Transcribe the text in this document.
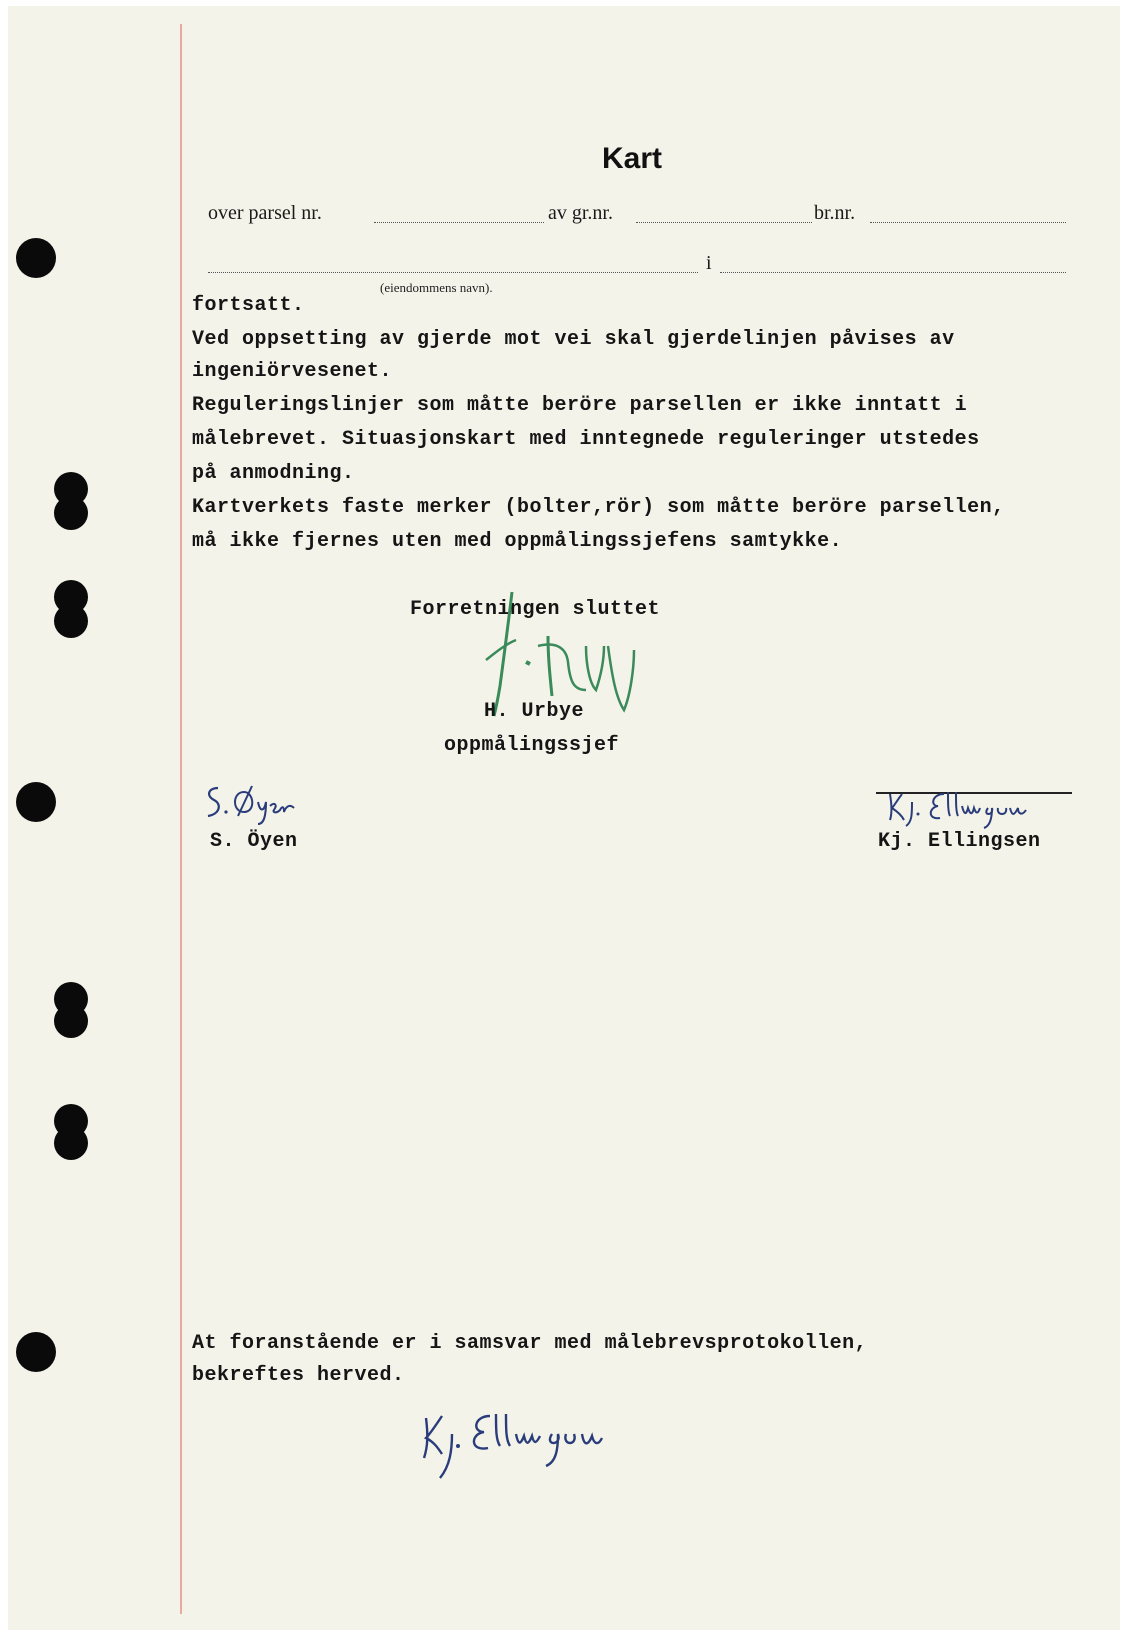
Kart
over parsel nr.	av gr.nr.	br.nr.
i
(eiendommens navn).
fortsatt.
Ved oppsetting av gjerde mot vei skal gjerdelinjen påvises av
ingeniörvesenet.
Reguleringslinjer som måtte beröre parsellen er ikke inntatt i
målebrevet. Situasjonskart med inntegnede reguleringer utstedes
på anmodning.
Kartverkets faste merker (bolter,rör) som måtte beröre parsellen,
må ikke fjernes uten med oppmålingssjefens samtykke.
Forretningen sluttet
H. Urbye
oppmålingssjef
S. Öyen	Kj. Ellingsen
At foranstående er i samsvar med målebrevsprotokollen,
bekreftes herved.
